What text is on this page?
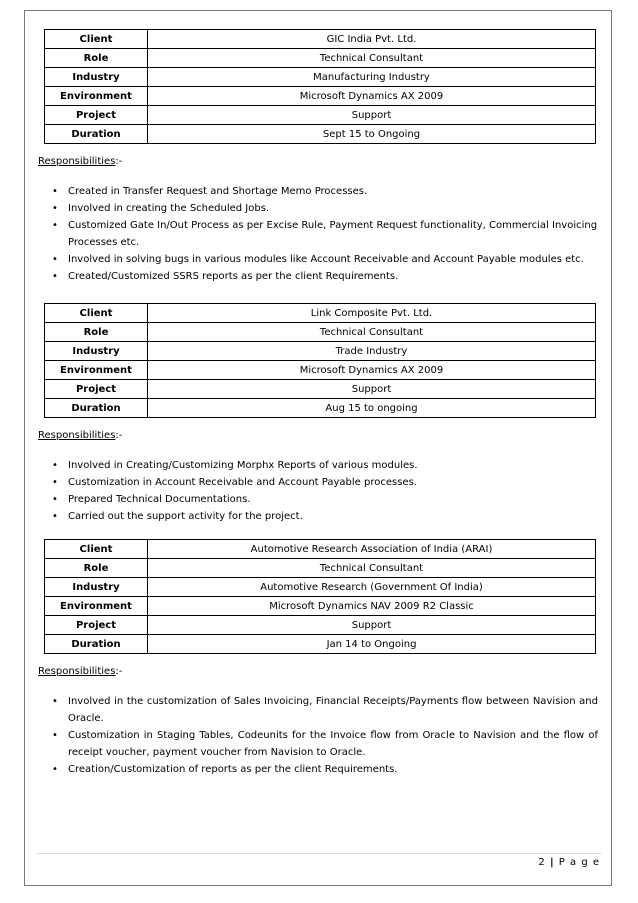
Client	GIC India Pvt. Ltd.
Role	Technical Consultant
Industry	Manufacturing Industry
Environment	Microsoft Dynamics AX 2009
Project	Support
Duration	Sept 15 to Ongoing
Responsibilities:-
• Created in Transfer Request and Shortage Memo Processes.
• Involved in creating the Scheduled Jobs.
• Customized Gate In/Out Process as per Excise Rule, Payment Request functionality, Commercial Invoicing Processes etc.
• Involved in solving bugs in various modules like Account Receivable and Account Payable modules etc.
• Created/Customized SSRS reports as per the client Requirements.
Client	Link Composite Pvt. Ltd.
Role	Technical Consultant
Industry	Trade Industry
Environment	Microsoft Dynamics AX 2009
Project	Support
Duration	Aug 15 to ongoing
Responsibilities:-
• Involved in Creating/Customizing Morphx Reports of various modules.
• Customization in Account Receivable and Account Payable processes.
• Prepared Technical Documentations.
• Carried out the support activity for the project.
Client	Automotive Research Association of India (ARAI)
Role	Technical Consultant
Industry	Automotive Research (Government Of India)
Environment	Microsoft Dynamics NAV 2009 R2 Classic
Project	Support
Duration	Jan 14 to Ongoing
Responsibilities:-
• Involved in the customization of Sales Invoicing, Financial Receipts/Payments flow between Navision and Oracle.
• Customization in Staging Tables, Codeunits for the Invoice flow from Oracle to Navision and the flow of receipt voucher, payment voucher from Navision to Oracle.
• Creation/Customization of reports as per the client Requirements.
2 | P a g e
